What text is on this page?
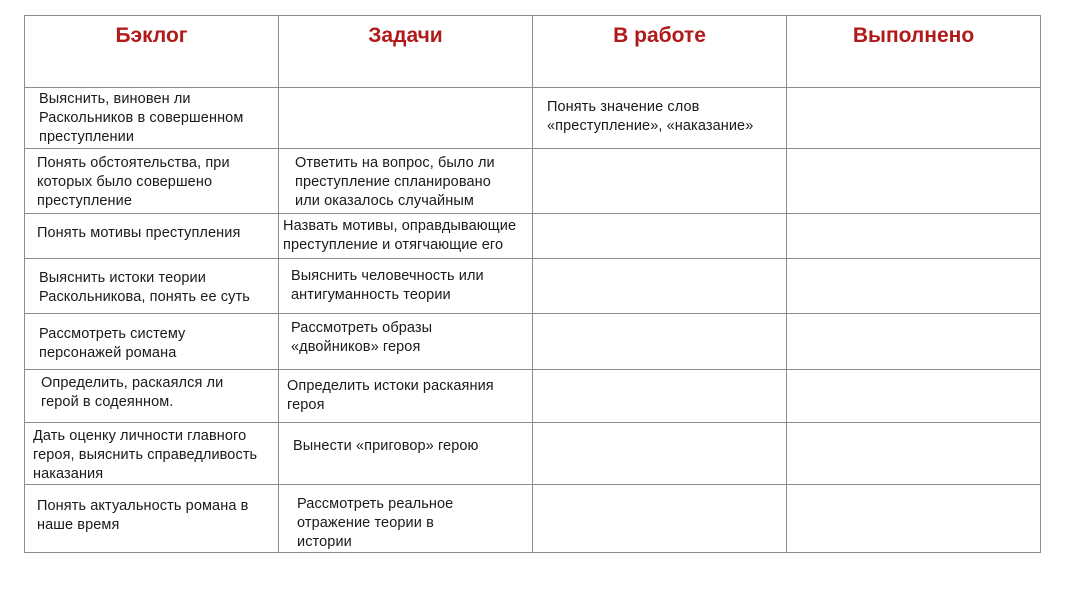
Бэклог	Задачи	В работе	Выполнено

Выяснить, виновен ли Раскольников в совершенном преступлении		Понять значение слов «преступление», «наказание»	

Понять обстоятельства, при которых было совершено преступление	Ответить на вопрос, было ли преступление спланировано или оказалось случайным		

Понять мотивы преступления	Назвать мотивы, оправдывающие преступление и отягчающие его		

Выяснить истоки теории Раскольникова, понять ее суть	Выяснить человечность или антигуманность теории		

Рассмотреть систему персонажей романа	Рассмотреть образы «двойников» героя		

Определить, раскаялся ли герой в содеянном.	Определить истоки раскаяния героя		

Дать оценку личности главного героя, выяснить справедливость наказания	Вынести «приговор» герою		

Понять актуальность романа в наше время	Рассмотреть реальное отражение теории в истории		
